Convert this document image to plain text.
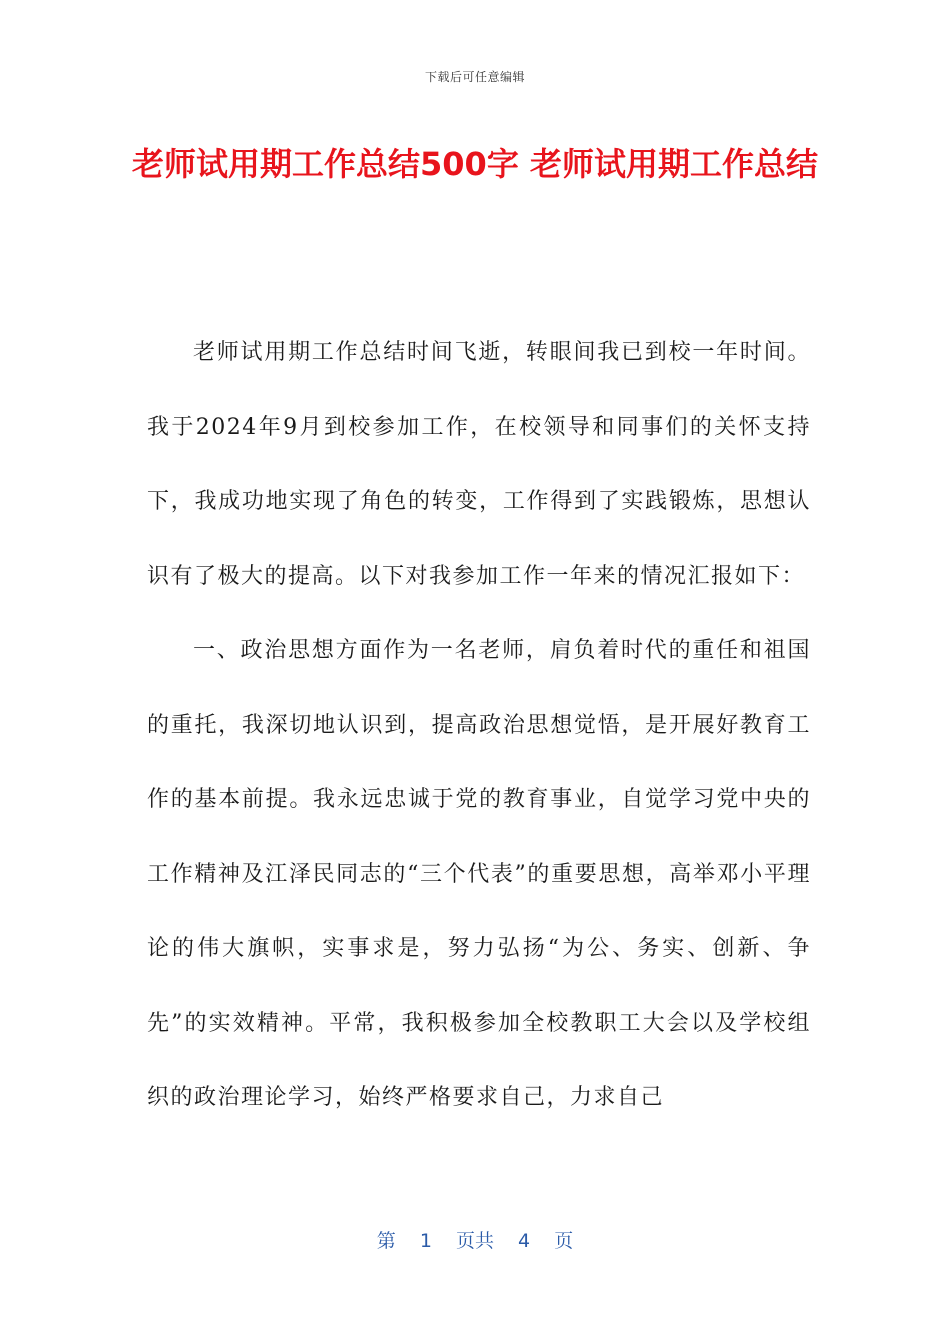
下载后可任意编辑
老师试用期工作总结500字 老师试用期工作总结

老师试用期工作总结时间飞逝，转眼间我已到校一年时间。我于2024年9月到校参加工作，在校领导和同事们的关怀支持下，我成功地实现了角色的转变，工作得到了实践锻炼，思想认识有了极大的提高。以下对我参加工作一年来的情况汇报如下：

一、政治思想方面作为一名老师，肩负着时代的重任和祖国的重托，我深切地认识到，提高政治思想觉悟，是开展好教育工作的基本前提。我永远忠诚于党的教育事业，自觉学习党中央的工作精神及江泽民同志的“三个代表”的重要思想，高举邓小平理论的伟大旗帜，实事求是，努力弘扬“为公、务实、创新、争先”的实效精神。平常，我积极参加全校教职工大会以及学校组织的政治理论学习，始终严格要求自己，力求自己

第 1 页共 4 页
